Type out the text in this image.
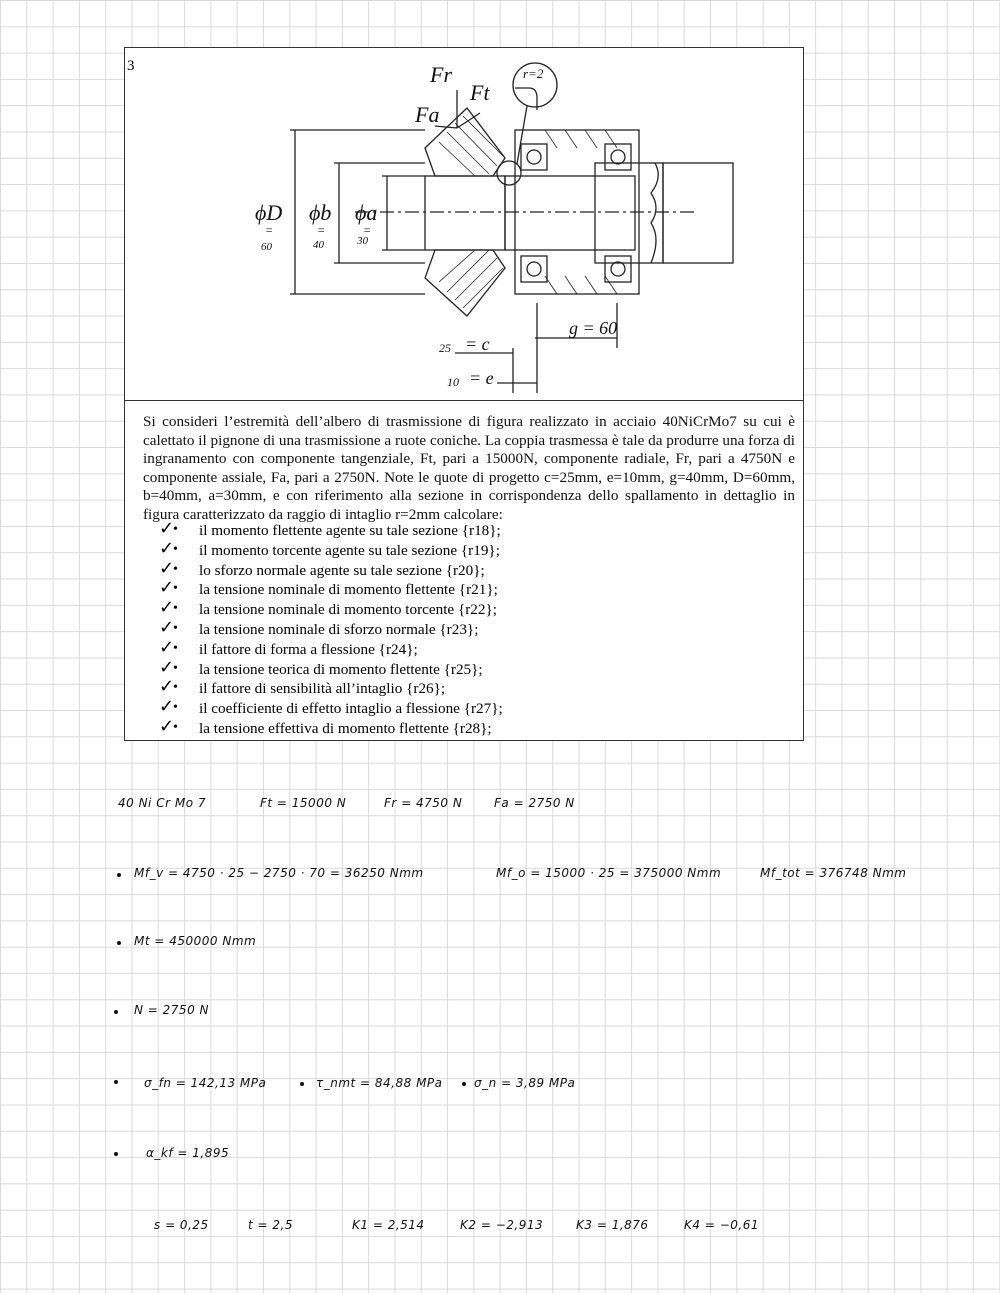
3	Fr
Ft
Fa
r=2
ϕD ϕb ϕa
=	=	=
60	40	30
= c
25
= e
10
g = 60
Si consideri l’estremità dell’albero di trasmissione di figura realizzato in acciaio 40NiCrMo7 su cui è calettato il pignone di una trasmissione a ruote coniche. La coppia trasmessa è tale da produrre una forza di ingranamento con componente tangenziale, Ft, pari a 15000N, componente radiale, Fr, pari a 4750N e componente assiale, Fa, pari a 2750N. Note le quote di progetto c=25mm, e=10mm, g=40mm, D=60mm, b=40mm, a=30mm, e con riferimento alla sezione in corrispondenza dello spallamento in dettaglio in figura caratterizzato da raggio di intaglio r=2mm calcolare:
✓
• il momento flettente agente su tale sezione {r18};
✓
• il momento torcente agente su tale sezione {r19};
✓
• lo sforzo normale agente su tale sezione {r20};
✓
• la tensione nominale di momento flettente {r21};
✓
• la tensione nominale di momento torcente {r22};
✓
• la tensione nominale di sforzo normale {r23};
✓
• il fattore di forma a flessione {r24};
✓
• la tensione teorica di momento flettente {r25};
✓
• il fattore di sensibilità all’intaglio {r26};
✓
• il coefficiente di effetto intaglio a flessione {r27};
✓
• la tensione effettiva di momento flettente {r28};
40 Ni Cr Mo 7	Ft = 15000 N	Fr = 4750 N	Fa = 2750 N
Mf_v = 4750 · 25 − 2750 · 70 = 36250 Nmm	Mf_o = 15000 · 25 = 375000 Nmm	Mf_tot = 376748 Nmm
Mt = 450000 Nmm
N = 2750 N
σ_fn = 142,13 MPa	τ_nmt = 84,88 MPa	σ_n = 3,89 MPa
α_kf = 1,895
s = 0,25	t = 2,5	K1 = 2,514	K2 = −2,913	K3 = 1,876	K4 = −0,61
